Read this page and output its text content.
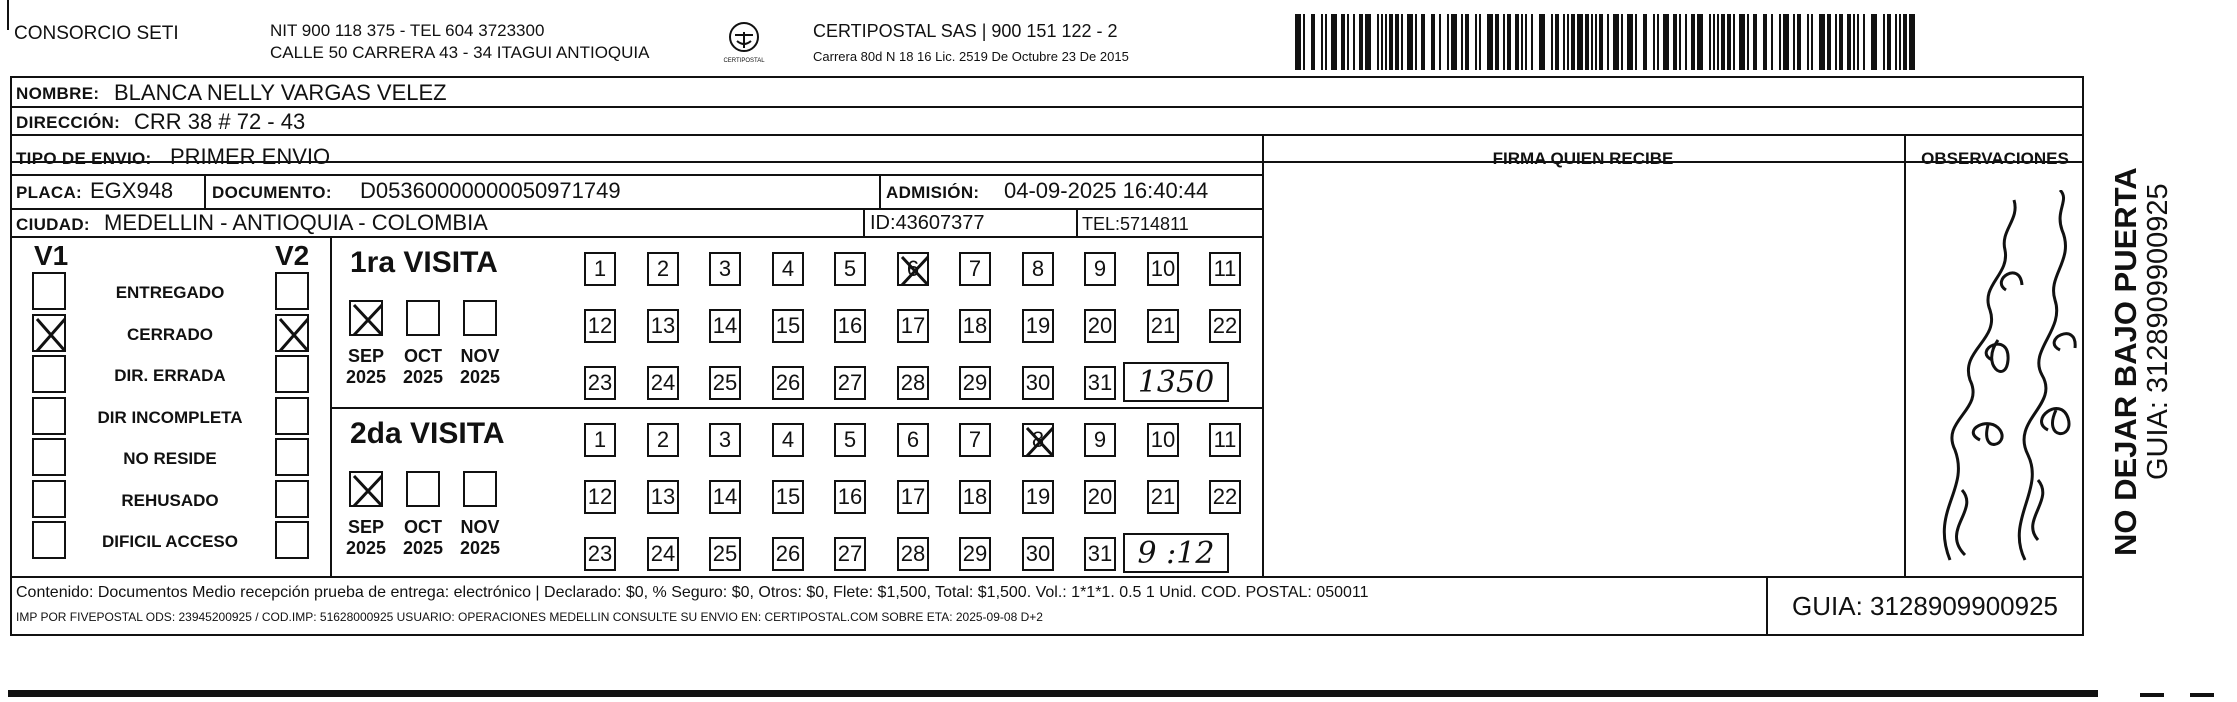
CONSORCIO SETI	NIT 900 118 375 - TEL 604 3723300
CALLE 50 CARRERA 43 - 34 ITAGUI ANTIOQUIA	CERTIPOSTAL
CERTIPOSTAL SAS | 900 151 122 - 2
Carrera 80d N 18 16 Lic. 2519 De Octubre 23 De 2015
NOMBRE: BLANCA NELLY VARGAS VELEZ
DIRECCIÓN: CRR 38 # 72 - 43
TIPO DE ENVIO: PRIMER ENVIO	FIRMA QUIEN RECIBE	OBSERVACIONES
PLACA: EGX948 DOCUMENTO: D05360000000050971749	ADMISIÓN: 04-09-2025 16:40:44
CIUDAD: MEDELLIN - ANTIOQUIA - COLOMBIA	ID:43607377	TEL:5714811
V1	V2
ENTREGADO
CERRADO
DIR. ERRADA
DIR INCOMPLETA
NO RESIDE
REHUSADO
DIFICIL ACCESO
1ra VISITA
2da VISITA
SEP
2025
OCT
2025
NOV
2025
1	2	3	4	5	6	7	8	9	10 11
12 13 14 15 16 17 18 19 20 21 22
23 24 25 26 27 28 29 30 31 1350
SEP
2025
OCT
2025
NOV
2025
1	2	3	4	5	6	7	8	9	10 11
12 13 14 15 16 17 18 19 20 21 22
23 24 25 26 27 28 29 30 31 9 :12
Contenido: Documentos Medio recepción prueba de entrega: electrónico | Declarado: $0, % Seguro: $0, Otros: $0, Flete: $1,500, Total: $1,500. Vol.: 1*1*1. 0.5 1 Unid. COD. POSTAL: 050011
IMP POR FIVEPOSTAL ODS: 23945200925 / COD.IMP: 51628000925 USUARIO: OPERACIONES MEDELLIN CONSULTE SU ENVIO EN: CERTIPOSTAL.COM SOBRE ETA: 2025-09-08 D+2	GUIA: 3128909900925
NO DEJAR BAJO PUERTA GUIA: 3128909900925
